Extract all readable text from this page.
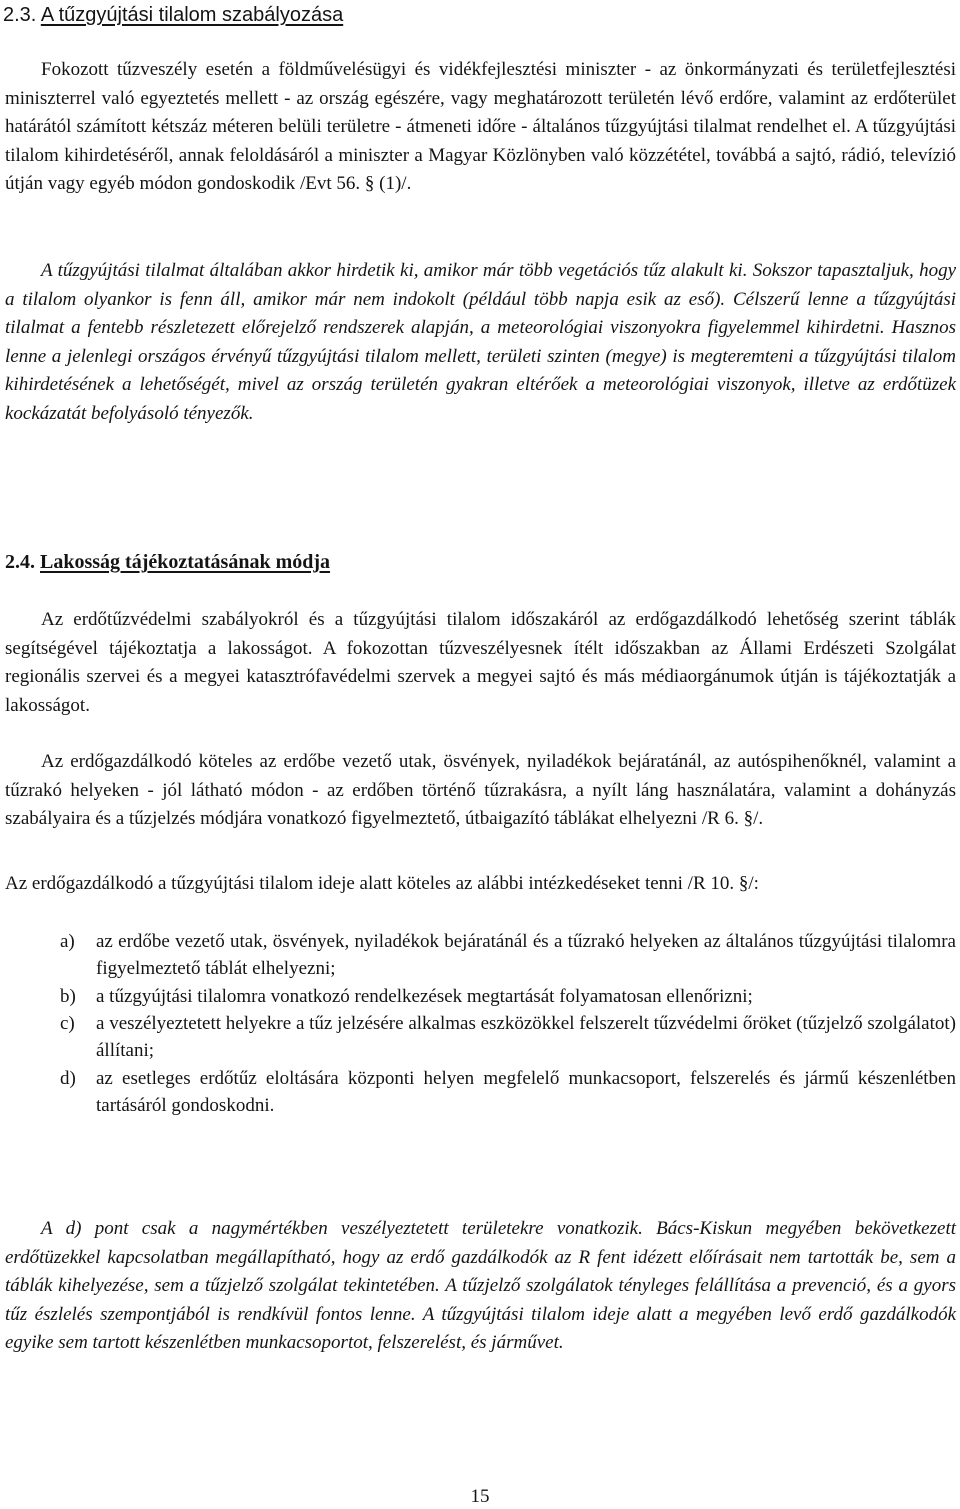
2.3. A tűzgyújtási tilalom szabályozása

Fokozott tűzveszély esetén a földművelésügyi és vidékfejlesztési miniszter - az önkormányzati és területfejlesztési miniszterrel való egyeztetés mellett - az ország egészére, vagy meghatározott területén lévő erdőre, valamint az erdőterület határától számított kétszáz méteren belüli területre - átmeneti időre - általános tűzgyújtási tilalmat rendelhet el. A tűzgyújtási tilalom kihirdetéséről, annak feloldásáról a miniszter a Magyar Közlönyben való közzététel, továbbá a sajtó, rádió, televízió útján vagy egyéb módon gondoskodik /Evt 56. § (1)/.

A tűzgyújtási tilalmat általában akkor hirdetik ki, amikor már több vegetációs tűz alakult ki. Sokszor tapasztaljuk, hogy a tilalom olyankor is fenn áll, amikor már nem indokolt (például több napja esik az eső). Célszerű lenne a tűzgyújtási tilalmat a fentebb részletezett előrejelző rendszerek alapján, a meteorológiai viszonyokra figyelemmel kihirdetni. Hasznos lenne a jelenlegi országos érvényű tűzgyújtási tilalom mellett, területi szinten (megye) is megteremteni a tűzgyújtási tilalom kihirdetésének a lehetőségét, mivel az ország területén gyakran eltérőek a meteorológiai viszonyok, illetve az erdőtüzek kockázatát befolyásoló tényezők.

2.4. Lakosság tájékoztatásának módja

Az erdőtűzvédelmi szabályokról és a tűzgyújtási tilalom időszakáról az erdőgazdálkodó lehetőség szerint táblák segítségével tájékoztatja a lakosságot. A fokozottan tűzveszélyesnek ítélt időszakban az Állami Erdészeti Szolgálat regionális szervei és a megyei katasztrófavédelmi szervek a megyei sajtó és más médiaorgánumok útján is tájékoztatják a lakosságot.

Az erdőgazdálkodó köteles az erdőbe vezető utak, ösvények, nyiladékok bejáratánál, az autóspihenőknél, valamint a tűzrakó helyeken - jól látható módon - az erdőben történő tűzrakásra, a nyílt láng használatára, valamint a dohányzás szabályaira és a tűzjelzés módjára vonatkozó figyelmeztető, útbaigazító táblákat elhelyezni /R 6. §/.

Az erdőgazdálkodó a tűzgyújtási tilalom ideje alatt köteles az alábbi intézkedéseket tenni /R 10. §/:

a) az erdőbe vezető utak, ösvények, nyiladékok bejáratánál és a tűzrakó helyeken az általános tűzgyújtási tilalomra figyelmeztető táblát elhelyezni;
b) a tűzgyújtási tilalomra vonatkozó rendelkezések megtartását folyamatosan ellenőrizni;
c) a veszélyeztetett helyekre a tűz jelzésére alkalmas eszközökkel felszerelt tűzvédelmi őröket (tűzjelző szolgálatot) állítani;
d) az esetleges erdőtűz eloltására központi helyen megfelelő munkacsoport, felszerelés és jármű készenlétben tartásáról gondoskodni.

A d) pont csak a nagymértékben veszélyeztetett területekre vonatkozik. Bács-Kiskun megyében bekövetkezett erdőtüzekkel kapcsolatban megállapítható, hogy az erdő gazdálkodók az R fent idézett előírásait nem tartották be, sem a táblák kihelyezése, sem a tűzjelző szolgálat tekintetében. A tűzjelző szolgálatok tényleges felállítása a prevenció, és a gyors tűz észlelés szempontjából is rendkívül fontos lenne. A tűzgyújtási tilalom ideje alatt a megyében levő erdő gazdálkodók egyike sem tartott készenlétben munkacsoportot, felszerelést, és járművet.

15
